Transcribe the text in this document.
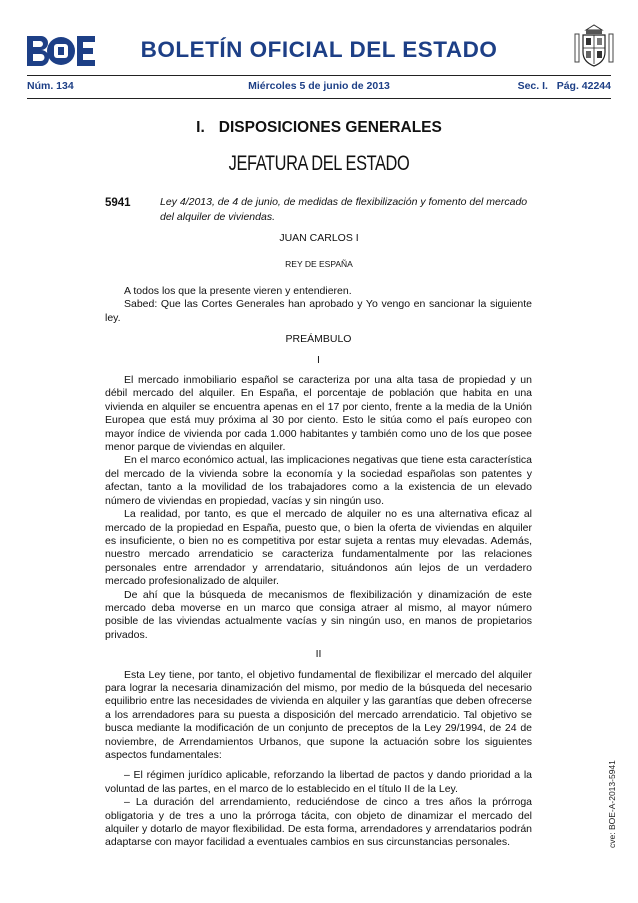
BOLETÍN OFICIAL DEL ESTADO
Núm. 134	Miércoles 5 de junio de 2013	Sec. I.   Pág. 42244
I. DISPOSICIONES GENERALES
JEFATURA DEL ESTADO
5941	Ley 4/2013, de 4 de junio, de medidas de flexibilización y fomento del mercado del alquiler de viviendas.
JUAN CARLOS I
REY DE ESPAÑA

A todos los que la presente vieren y entendieren.

Sabed: Que las Cortes Generales han aprobado y Yo vengo en sancionar la siguiente ley.

PREÁMBULO
I

El mercado inmobiliario español se caracteriza por una alta tasa de propiedad y un débil mercado del alquiler. En España, el porcentaje de población que habita en una vivienda en alquiler se encuentra apenas en el 17 por ciento, frente a la media de la Unión Europea que está muy próxima al 30 por ciento. Esto le sitúa como el país europeo con mayor índice de vivienda por cada 1.000 habitantes y también como uno de los que posee menor parque de viviendas en alquiler.

En el marco económico actual, las implicaciones negativas que tiene esta característica del mercado de la vivienda sobre la economía y la sociedad españolas son patentes y afectan, tanto a la movilidad de los trabajadores como a la existencia de un elevado número de viviendas en propiedad, vacías y sin ningún uso.

La realidad, por tanto, es que el mercado de alquiler no es una alternativa eficaz al mercado de la propiedad en España, puesto que, o bien la oferta de viviendas en alquiler es insuficiente, o bien no es competitiva por estar sujeta a rentas muy elevadas. Además, nuestro mercado arrendaticio se caracteriza fundamentalmente por las relaciones personales entre arrendador y arrendatario, situándonos aún lejos de un verdadero mercado profesionalizado de alquiler.

De ahí que la búsqueda de mecanismos de flexibilización y dinamización de este mercado deba moverse en un marco que consiga atraer al mismo, al mayor número posible de las viviendas actualmente vacías y sin ningún uso, en manos de propietarios privados.

II

Esta Ley tiene, por tanto, el objetivo fundamental de flexibilizar el mercado del alquiler para lograr la necesaria dinamización del mismo, por medio de la búsqueda del necesario equilibrio entre las necesidades de vivienda en alquiler y las garantías que deben ofrecerse a los arrendadores para su puesta a disposición del mercado arrendaticio. Tal objetivo se busca mediante la modificación de un conjunto de preceptos de la Ley 29/1994, de 24 de noviembre, de Arrendamientos Urbanos, que supone la actuación sobre los siguientes aspectos fundamentales:

– El régimen jurídico aplicable, reforzando la libertad de pactos y dando prioridad a la voluntad de las partes, en el marco de lo establecido en el título II de la Ley.

– La duración del arrendamiento, reduciéndose de cinco a tres años la prórroga obligatoria y de tres a uno la prórroga tácita, con objeto de dinamizar el mercado del alquiler y dotarlo de mayor flexibilidad. De esta forma, arrendadores y arrendatarios podrán adaptarse con mayor facilidad a eventuales cambios en sus circunstancias personales.	cve: BOE-A-2013-5941
